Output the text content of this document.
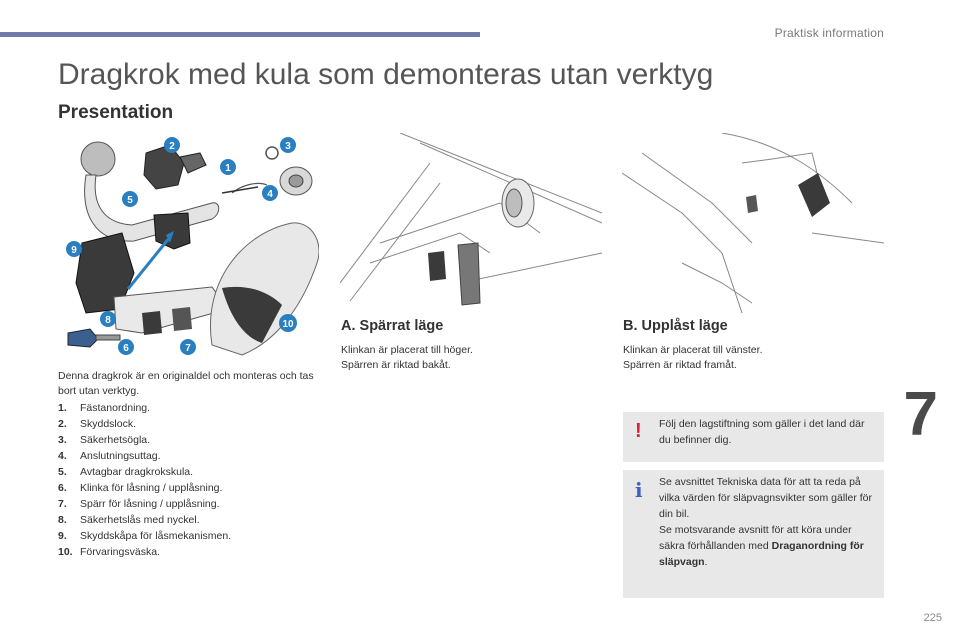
Praktisk information
7
225
Dragkrok med kula som demonteras utan verktyg
Presentation
1
2	3
4
5
6	7
8
9
10	A. Spärrat läge
Klinkan är placerat till höger.
Spärren är riktad bakåt.
B. Upplåst läge
Klinkan är placerat till vänster.
Spärren är riktad framåt.
Denna dragkrok är en originaldel och monteras och tas bort utan verktyg.
1.	Fästanordning.
2.	Skyddslock.
3.	Säkerhetsögla.
4.	Anslutningsuttag.
5.	Avtagbar dragkrokskula.
6.	Klinka för låsning / upplåsning.
7.	Spärr för låsning / upplåsning.
8.	Säkerhetslås med nyckel.
9.	Skyddskåpa för låsmekanismen.
10. Förvaringsväska.
! Följ den lagstiftning som gäller i det land där du befinner dig.
i Se avsnittet Tekniska data för att ta reda på vilka värden för släpvagnsvikter som gäller för din bil.
Se motsvarande avsnitt för att köra under säkra förhållanden med Draganordning för släpvagn.
